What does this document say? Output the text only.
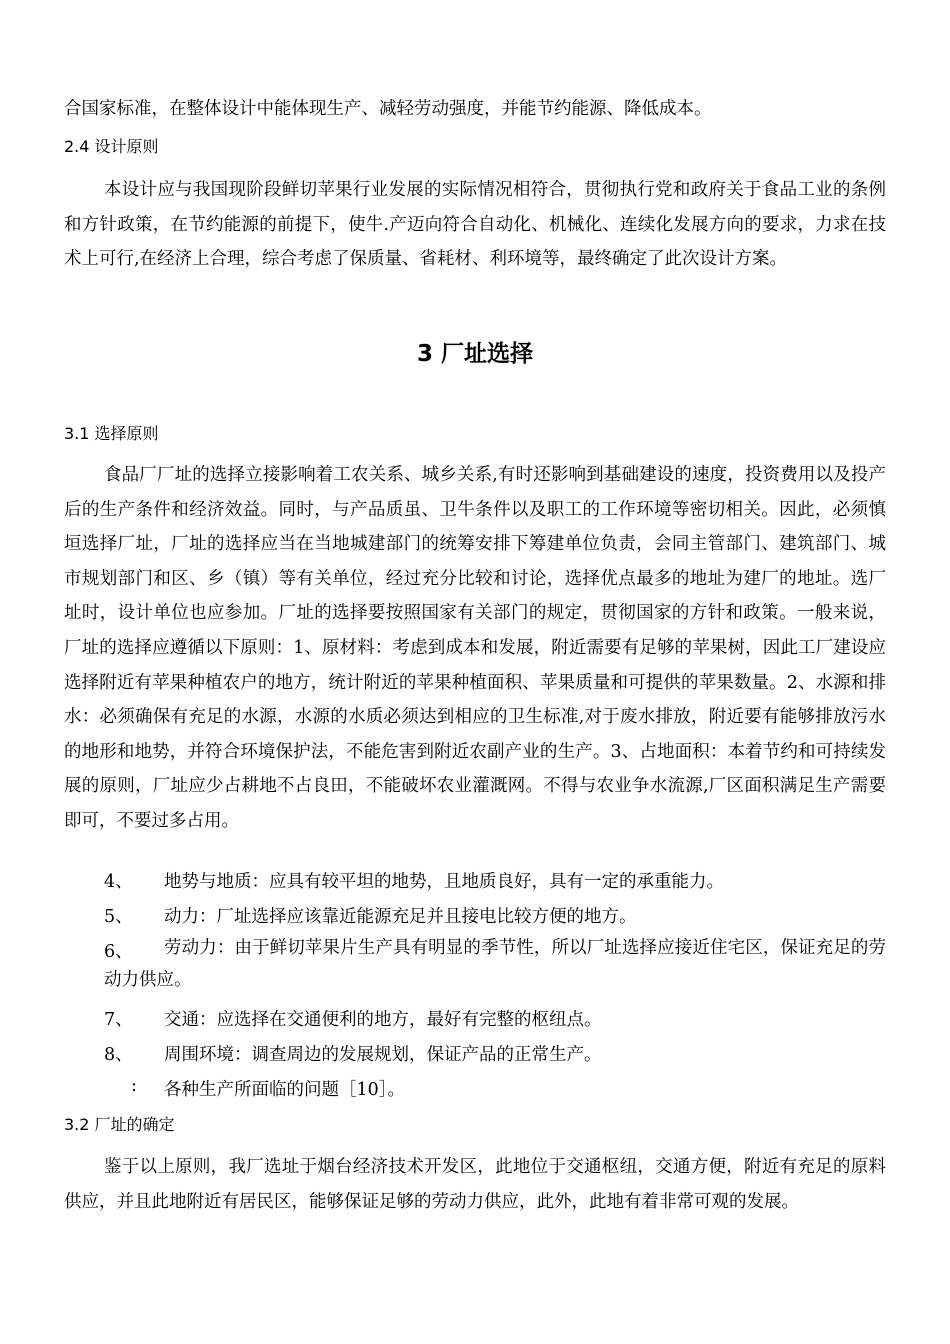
合国家标准，在整体设计中能体现生产、减轻劳动强度，并能节约能源、降低成本。
2.4 设计原则
本设计应与我国现阶段鲜切苹果行业发展的实际情况相符合，贯彻执行党和政府关于食品工业的条例和方针政策，在节约能源的前提下，使牛.产迈向符合自动化、机械化、连续化发展方向的要求，力求在技术上可行,在经济上合理，综合考虑了保质量、省耗材、利环境等，最终确定了此次设计方案。
3 厂址选择
3.1 选择原则
食品厂厂址的选择立接影响着工农关系、城乡关系,有时还影响到基础建设的速度，投资费用以及投产后的生产条件和经济效益。同时，与产品质虽、卫牛条件以及职工的工作环境等密切相关。因此，必须慎垣选择厂址，厂址的选择应当在当地城建部门的统筹安排下筹建单位负责，会同主管部门、建筑部门、城市规划部门和区、乡（镇）等有关单位，经过充分比较和讨论，选择优点最多的地址为建厂的地址。选厂址时，设计单位也应参加。厂址的选择要按照国家有关部门的规定，贯彻国家的方针和政策。一般来说，厂址的选择应遵循以下原则：1、原材料：考虑到成本和发展，附近需要有足够的苹果树，因此工厂建设应选择附近有苹果种植农户的地方，统计附近的苹果种植面积、苹果质量和可提供的苹果数量。2、水源和排水：必须确保有充足的水源，水源的水质必须达到相应的卫生标准,对于废水排放，附近要有能够排放污水的地形和地势，并符合环境保护法，不能危害到附近农副产业的生产。3、占地面积：本着节约和可持续发展的原则，厂址应少占耕地不占良田，不能破坏农业灌溉网。不得与农业争水流源,厂区面积满足生产需要即可，不要过多占用。
4、 地势与地质：应具有较平坦的地势，且地质良好，具有一定的承重能力。
5、 动力：厂址选择应该靠近能源充足并且接电比较方便的地方。
6、	劳动力：由于鲜切苹果片生产具有明显的季节性，所以厂址选择应接近住宅区，保证充足的劳动力供应。
7、 交通：应选择在交通便利的地方，最好有完整的枢纽点。
8、 周围环境：调查周边的发展规划，保证产品的正常生产。
: 各种生产所面临的问题［10］。
3.2 厂址的确定
鉴于以上原则，我厂选址于烟台经济技术开发区，此地位于交通枢纽，交通方便，附近有充足的原料供应，并且此地附近有居民区，能够保证足够的劳动力供应，此外，此地有着非常可观的发展。
